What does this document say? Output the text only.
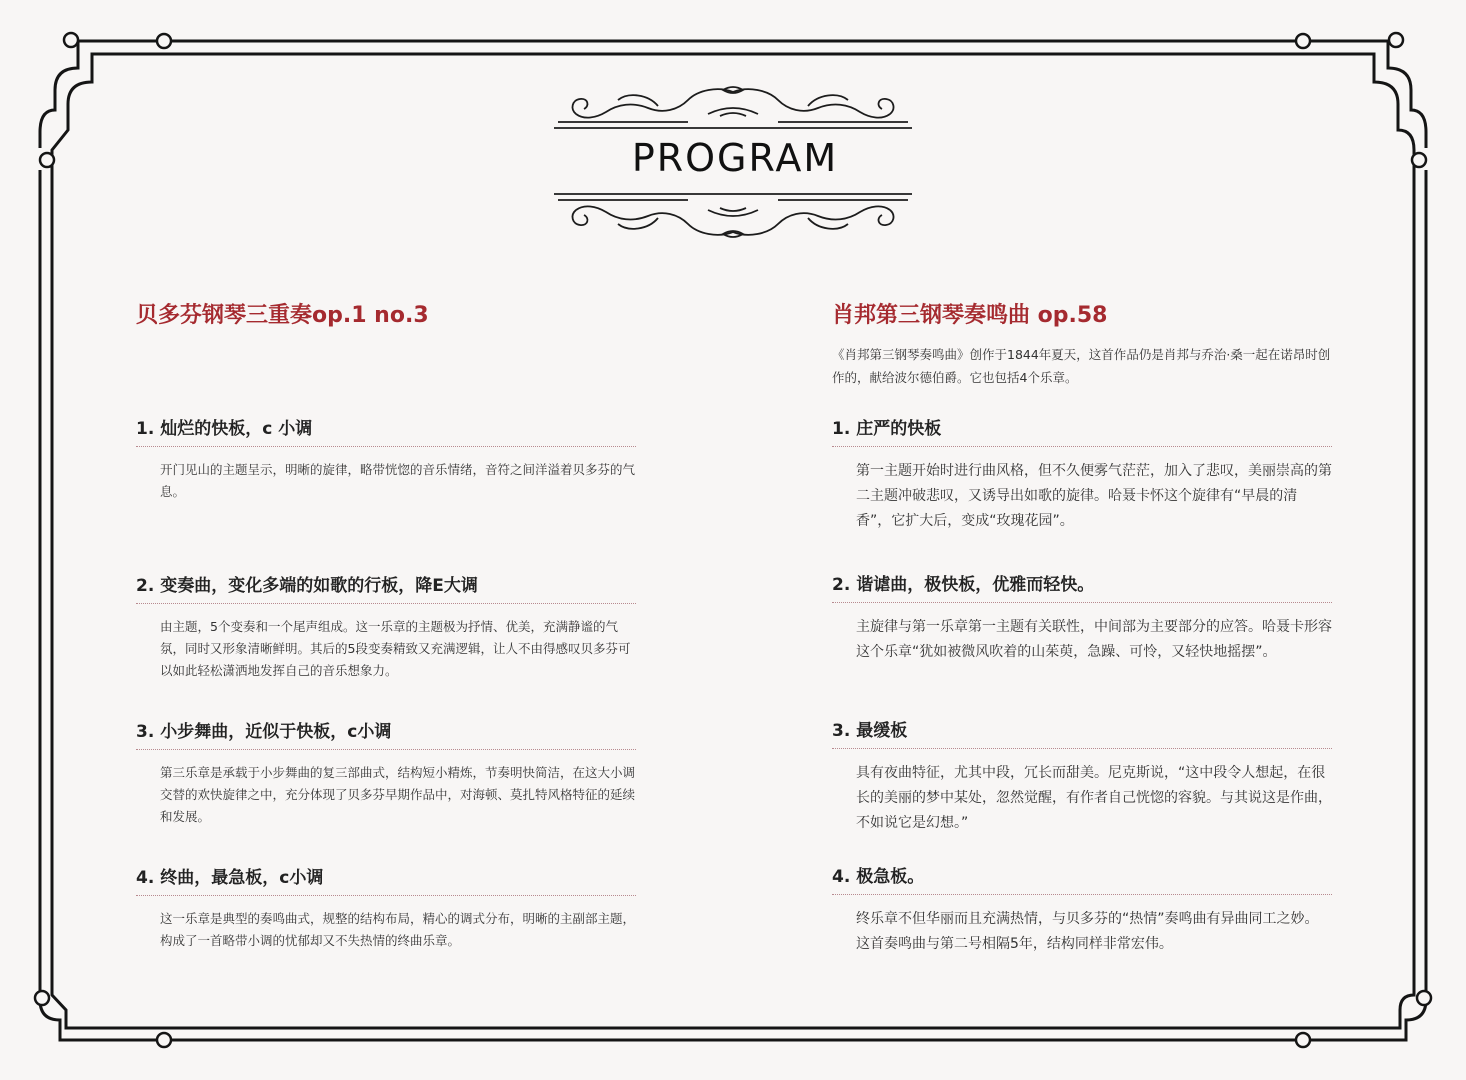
PROGRAM
贝多芬钢琴三重奏op.1 no.3
1. 灿烂的快板，c 小调
开门见山的主题呈示，明晰的旋律，略带恍惚的音乐情绪，音符之间洋溢着贝多芬的气息。
2. 变奏曲，变化多端的如歌的行板，降E大调
由主题，5个变奏和一个尾声组成。这一乐章的主题极为抒情、优美，充满静谧的气氛，同时又形象清晰鲜明。其后的5段变奏精致又充满逻辑，让人不由得感叹贝多芬可以如此轻松潇洒地发挥自己的音乐想象力。
3. 小步舞曲，近似于快板，c小调
第三乐章是承载于小步舞曲的复三部曲式，结构短小精炼，节奏明快简洁，在这大小调交替的欢快旋律之中，充分体现了贝多芬早期作品中，对海顿、莫扎特风格特征的延续和发展。
4. 终曲，最急板，c小调
这一乐章是典型的奏鸣曲式，规整的结构布局，精心的调式分布，明晰的主副部主题，构成了一首略带小调的忧郁却又不失热情的终曲乐章。
肖邦第三钢琴奏鸣曲 op.58
《肖邦第三钢琴奏鸣曲》创作于1844年夏天，这首作品仍是肖邦与乔治·桑一起在诺昂时创作的，献给波尔德伯爵。它也包括4个乐章。
1. 庄严的快板
第一主题开始时进行曲风格，但不久便雾气茫茫，加入了悲叹，美丽崇高的第二主题冲破悲叹，又诱导出如歌的旋律。哈聂卡怀这个旋律有“早晨的清香”，它扩大后，变成“玫瑰花园”。
2. 谐谑曲，极快板，优雅而轻快。
主旋律与第一乐章第一主题有关联性，中间部为主要部分的应答。哈聂卡形容这个乐章“犹如被微风吹着的山茱萸，急躁、可怜，又轻快地摇摆”。
3. 最缓板
具有夜曲特征，尤其中段，冗长而甜美。尼克斯说，“这中段令人想起，在很长的美丽的梦中某处，忽然觉醒，有作者自己恍惚的容貌。与其说这是作曲，不如说它是幻想。”
4. 极急板。
终乐章不但华丽而且充满热情，与贝多芬的“热情”奏鸣曲有异曲同工之妙。这首奏鸣曲与第二号相隔5年，结构同样非常宏伟。
